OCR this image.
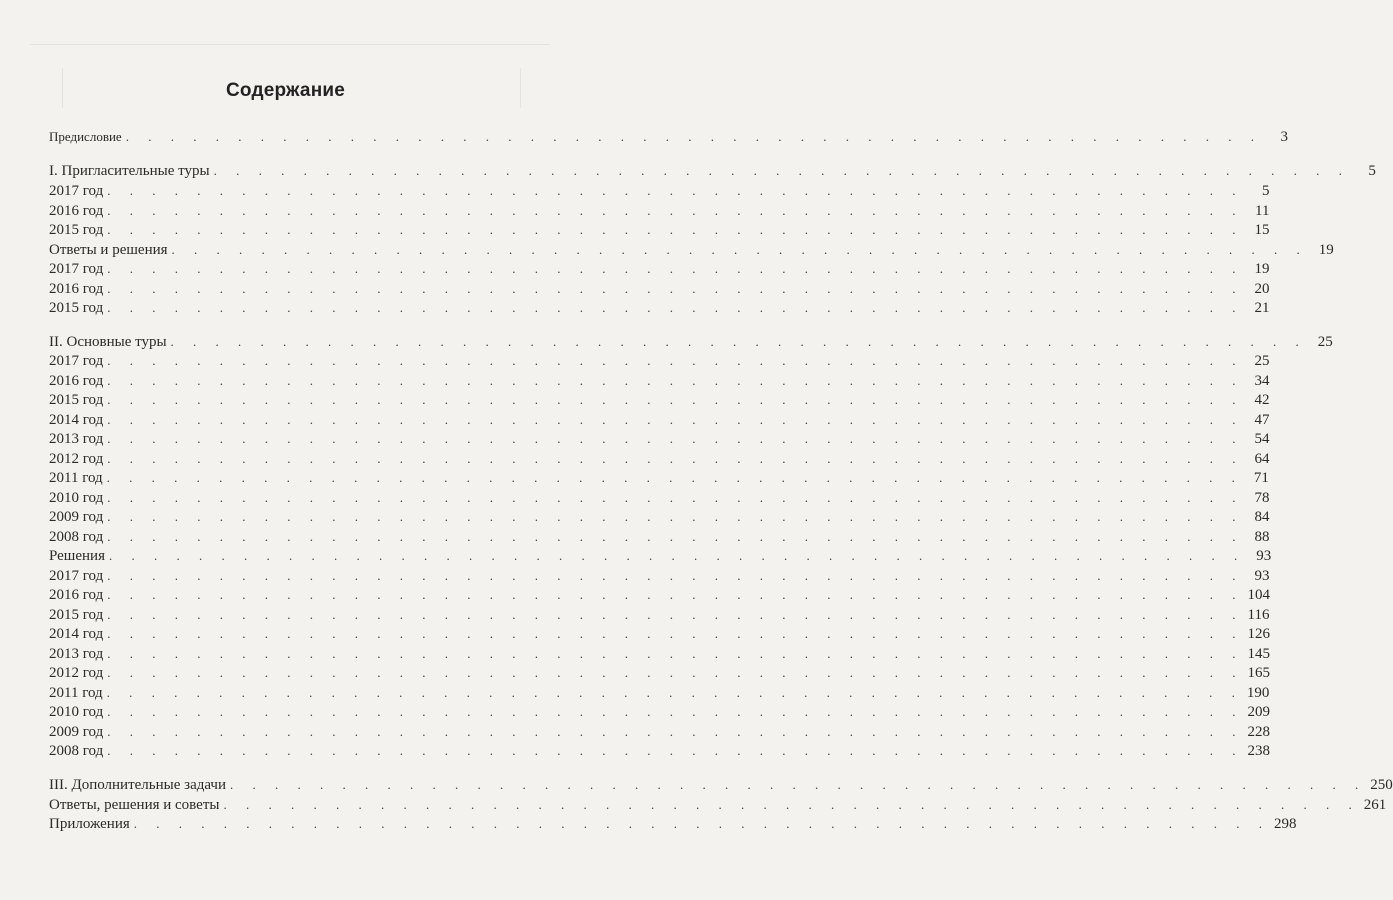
Содержание
Предисловие . . . . . . . . . . . . . . . . . . . . . . . . . . . . . . . . . . . . . . . . . . . . . . . . . . .	3
I. Пригласительные туры . . . . . . . . . . . . . . . . . . . . . . . . . . . . . . . . . . . . . . . . . . . . . . . . . . .	5
2017 год . . . . . . . . . . . . . . . . . . . . . . . . . . . . . . . . . . . . . . . . . . . . . . . . . . .	5
2016 год . . . . . . . . . . . . . . . . . . . . . . . . . . . . . . . . . . . . . . . . . . . . . . . . . . . 11
2015 год . . . . . . . . . . . . . . . . . . . . . . . . . . . . . . . . . . . . . . . . . . . . . . . . . . . 15
Ответы и решения . . . . . . . . . . . . . . . . . . . . . . . . . . . . . . . . . . . . . . . . . . . . . . . . . . . 19
2017 год . . . . . . . . . . . . . . . . . . . . . . . . . . . . . . . . . . . . . . . . . . . . . . . . . . . 19
2016 год . . . . . . . . . . . . . . . . . . . . . . . . . . . . . . . . . . . . . . . . . . . . . . . . . . . 20
2015 год . . . . . . . . . . . . . . . . . . . . . . . . . . . . . . . . . . . . . . . . . . . . . . . . . . . 21
II. Основные туры . . . . . . . . . . . . . . . . . . . . . . . . . . . . . . . . . . . . . . . . . . . . . . . . . . . 25
2017 год . . . . . . . . . . . . . . . . . . . . . . . . . . . . . . . . . . . . . . . . . . . . . . . . . . . 25
2016 год . . . . . . . . . . . . . . . . . . . . . . . . . . . . . . . . . . . . . . . . . . . . . . . . . . . 34
2015 год . . . . . . . . . . . . . . . . . . . . . . . . . . . . . . . . . . . . . . . . . . . . . . . . . . . 42
2014 год . . . . . . . . . . . . . . . . . . . . . . . . . . . . . . . . . . . . . . . . . . . . . . . . . . . 47
2013 год . . . . . . . . . . . . . . . . . . . . . . . . . . . . . . . . . . . . . . . . . . . . . . . . . . . 54
2012 год . . . . . . . . . . . . . . . . . . . . . . . . . . . . . . . . . . . . . . . . . . . . . . . . . . . 64
2011 год . . . . . . . . . . . . . . . . . . . . . . . . . . . . . . . . . . . . . . . . . . . . . . . . . . . 71
2010 год . . . . . . . . . . . . . . . . . . . . . . . . . . . . . . . . . . . . . . . . . . . . . . . . . . . 78
2009 год . . . . . . . . . . . . . . . . . . . . . . . . . . . . . . . . . . . . . . . . . . . . . . . . . . . 84
2008 год . . . . . . . . . . . . . . . . . . . . . . . . . . . . . . . . . . . . . . . . . . . . . . . . . . . 88
Решения . . . . . . . . . . . . . . . . . . . . . . . . . . . . . . . . . . . . . . . . . . . . . . . . . . . 93
2017 год . . . . . . . . . . . . . . . . . . . . . . . . . . . . . . . . . . . . . . . . . . . . . . . . . . . 93
2016 год . . . . . . . . . . . . . . . . . . . . . . . . . . . . . . . . . . . . . . . . . . . . . . . . . . . 104
2015 год . . . . . . . . . . . . . . . . . . . . . . . . . . . . . . . . . . . . . . . . . . . . . . . . . . . 116
2014 год . . . . . . . . . . . . . . . . . . . . . . . . . . . . . . . . . . . . . . . . . . . . . . . . . . . 126
2013 год . . . . . . . . . . . . . . . . . . . . . . . . . . . . . . . . . . . . . . . . . . . . . . . . . . . 145
2012 год . . . . . . . . . . . . . . . . . . . . . . . . . . . . . . . . . . . . . . . . . . . . . . . . . . . 165
2011 год . . . . . . . . . . . . . . . . . . . . . . . . . . . . . . . . . . . . . . . . . . . . . . . . . . . 190
2010 год . . . . . . . . . . . . . . . . . . . . . . . . . . . . . . . . . . . . . . . . . . . . . . . . . . . 209
2009 год . . . . . . . . . . . . . . . . . . . . . . . . . . . . . . . . . . . . . . . . . . . . . . . . . . . 228
2008 год . . . . . . . . . . . . . . . . . . . . . . . . . . . . . . . . . . . . . . . . . . . . . . . . . . . 238
III. Дополнительные задачи . . . . . . . . . . . . . . . . . . . . . . . . . . . . . . . . . . . . . . . . . . . . . . . . . . . 250
Ответы, решения и советы . . . . . . . . . . . . . . . . . . . . . . . . . . . . . . . . . . . . . . . . . . . . . . . . . . . 261
Приложения . . . . . . . . . . . . . . . . . . . . . . . . . . . . . . . . . . . . . . . . . . . . . . . . . . . 298
